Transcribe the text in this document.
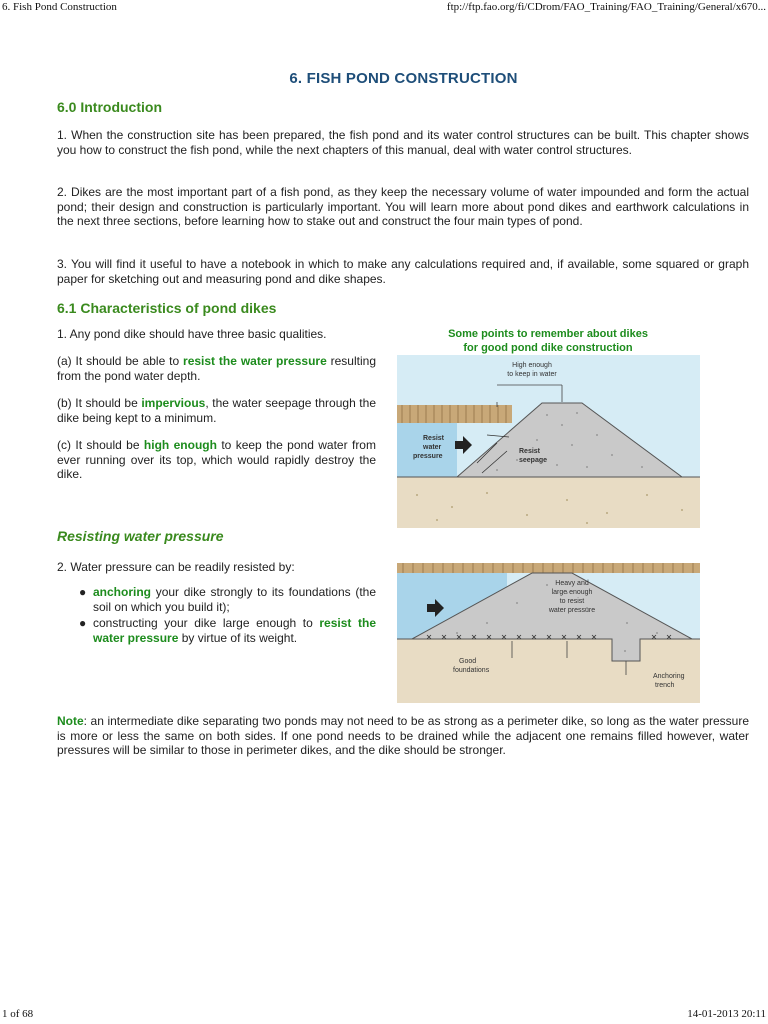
6. Fish Pond Construction	ftp://ftp.fao.org/fi/CDrom/FAO_Training/FAO_Training/General/x670...
6. FISH POND CONSTRUCTION
6.0 Introduction

1. When the construction site has been prepared, the fish pond and its water control structures can be built. This chapter shows you how to construct the fish pond, while the next chapters of this manual, deal with water control structures.

2. Dikes are the most important part of a fish pond, as they keep the necessary volume of water impounded and form the actual pond; their design and construction is particularly important. You will learn more about pond dikes and earthwork calculations in the next three sections, before learning how to stake out and construct the four main types of pond.

3. You will find it useful to have a notebook in which to make any calculations required and, if available, some squared or graph paper for sketching out and measuring pond and dike shapes.

6.1 Characteristics of pond dikes

1. Any pond dike should have three basic qualities.

(a) It should be able to resist the water pressure resulting from the pond water depth.

(b) It should be impervious, the water seepage through the dike being kept to a minimum.

(c) It should be high enough to keep the pond water from ever running over its top, which would rapidly destroy the dike.

Some points to remember about dikes
for good pond dike construction
High enough
to keep in water
Resist
water
pressure
Resist
seepage
Resisting water pressure

2. Water pressure can be readily resisted by:

● anchoring your dike strongly to its foundations (the soil on which you build it);
● constructing your dike large enough to resist the water pressure by virtue of its weight.
Heavy and
large enough
to resist
water pressure
Good
foundations
Anchoring
trench

Note: an intermediate dike separating two ponds may not need to be as strong as a perimeter dike, so long as the water pressure is more or less the same on both sides. If one pond needs to be drained while the adjacent one remains filled however, water pressures will be similar to those in perimeter dikes, and the dike should be stronger.

1 of 68	14-01-2013 20:11
